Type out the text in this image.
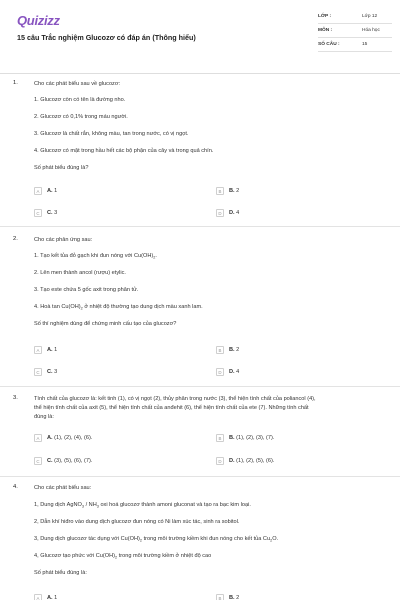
Quizizz
15 câu Trắc nghiệm Glucozơ có đáp án (Thông hiểu)
LỚP :	Lớp 12
MÔN :	Hóa học
SỐ CÂU :	15
1.	Cho các phát biểu sau về glucozơ:
1. Glucozơ còn có tên là đường nho.
2. Glucozơ có 0,1% trong máu người.
3. Glucozơ là chất rắn, không màu, tan trong nước, có vị ngọt.
4. Glucozơ có mặt trong hầu hết các bộ phận của cây và trong quả chín.
Số phát biểu đúng là?
A	A. 1	B	B. 2
C	C. 3	D	D. 4
2.	Cho các phản ứng sau:
1. Tạo kết tủa đỏ gạch khi đun nóng với $Cu(OH)_2$.
2. Lên men thành ancol (rượu) etylic.
3. Tạo este chứa 5 gốc axit trong phân tử.
4. Hoà $\tan Cu(OH)_2$ ở nhiệt độ thường tạo dung dịch màu xanh lam.
Số thí nghiệm dùng để chứng minh cấu tạo của glucozơ?
A	A. 1	B	B. 2
C	C. 3	D	D. 4
3.	Tính chất của glucozơ là: kết tinh (1), có vị ngọt (2), thủy phân trong nước (3), thể hiện tính chất của poliancol (4),
thể hiện tính chất của axit (5), thể hiện tính chất của anđehit (6), thể hiện tính chất của ete (7). Những tính chất
đúng là:
A	A. (1), (2), (4), (6).	B	B. (1), (2), (3), (7).
C	C. (3), (5), (6), (7).	D	D. (1), (2), (5), (6).
4.	Cho các phát biểu sau:
1, Dung dịch AgNO$_3$ / $NH_3$ oxi hoá glucozơ thành amoni gluconat và tạo ra bạc kim loại.
2, Dẫn khí hiđro vào dung dịch glucozơ đun nóng có Ni làm xúc tác, sinh ra sobitol.
3, Dung dịch glucozơ tác dụng với $Cu(OH)_2$ trong môi trường kiềm khi đun nóng cho kết tủa $Cu_2O$.
4, Glucozơ tạo phức với $Cu(OH)_2$ trong môi trường kiềm ở nhiệt độ cao
Số phát biểu đúng là:
A	A. 1	B	B. 2
